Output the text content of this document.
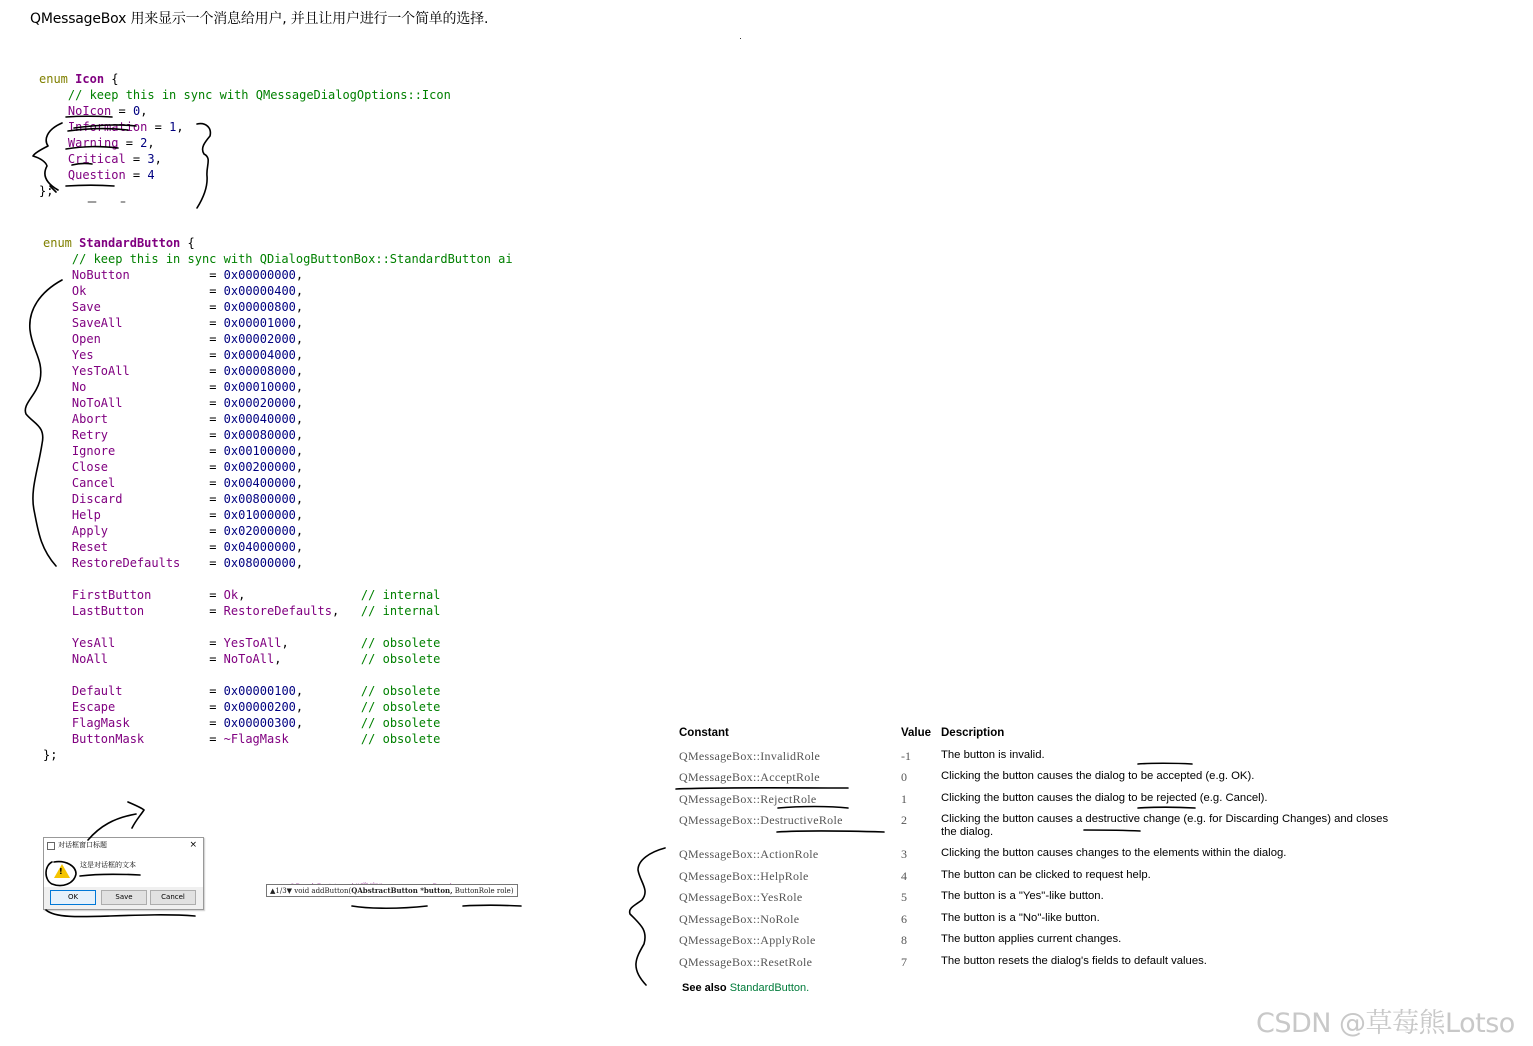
QMessageBox 用来显示一个消息给用户, 并且让用户进行一个简单的选择.
enum Icon {
// keep this in sync with QMessageDialogOptions::Icon
NoIcon = 0,
Information = 1,
Warning = 2,
Critical = 3,
Question = 4
};
enum StandardButton {
// keep this in sync with QDialogButtonBox::StandardButton ai
NoButton           = 0x00000000,
Ok                 = 0x00000400,
Save               = 0x00000800,
SaveAll            = 0x00001000,
Open               = 0x00002000,
Yes                = 0x00004000,
YesToAll           = 0x00008000,
No                 = 0x00010000,
NoToAll            = 0x00020000,
Abort              = 0x00040000,
Retry              = 0x00080000,
Ignore             = 0x00100000,
Close              = 0x00200000,
Cancel             = 0x00400000,
Discard            = 0x00800000,
Help               = 0x01000000,
Apply              = 0x02000000,
Reset              = 0x04000000,
RestoreDefaults    = 0x08000000,

FirstButton        = Ok,                // internal
LastButton         = RestoreDefaults,   // internal

YesAll             = YesToAll,          // obsolete
NoAll              = NoToAll,           // obsolete

Default            = 0x00000100,        // obsolete
Escape             = 0x00000200,        // obsolete
FlagMask           = 0x00000300,        // obsolete
ButtonMask         = ~FlagMask	// obsolete
};
Constant	Value Description
QMessageBox::InvalidRole	-1	The button is invalid.
QMessageBox::AcceptRole	0	Clicking the button causes the dialog to be accepted (e.g. OK).
QMessageBox::RejectRole	1	Clicking the button causes the dialog to be rejected (e.g. Cancel).
QMessageBox::DestructiveRole	2	Clicking the button causes a destructive change (e.g. for Discarding Changes) and closes the dialog.
QMessageBox::ActionRole	3	Clicking the button causes changes to the elements within the dialog.
QMessageBox::HelpRole	4	The button can be clicked to request help.
QMessageBox::YesRole	5	The button is a "Yes"-like button.
QMessageBox::NoRole	6	The button is a "No"-like button.
QMessageBox::ApplyRole	8	The button applies current changes.
QMessageBox::ResetRole	7	The button resets the dialog's fields to default values.
See also StandardButton.
对话框窗口标题	×
!
这是对话框的文本
OK	Save	Cancel
▲1/3▼ void addButton(QAbstractButton *button, ButtonRole role)
CSDN @草莓熊Lotso
